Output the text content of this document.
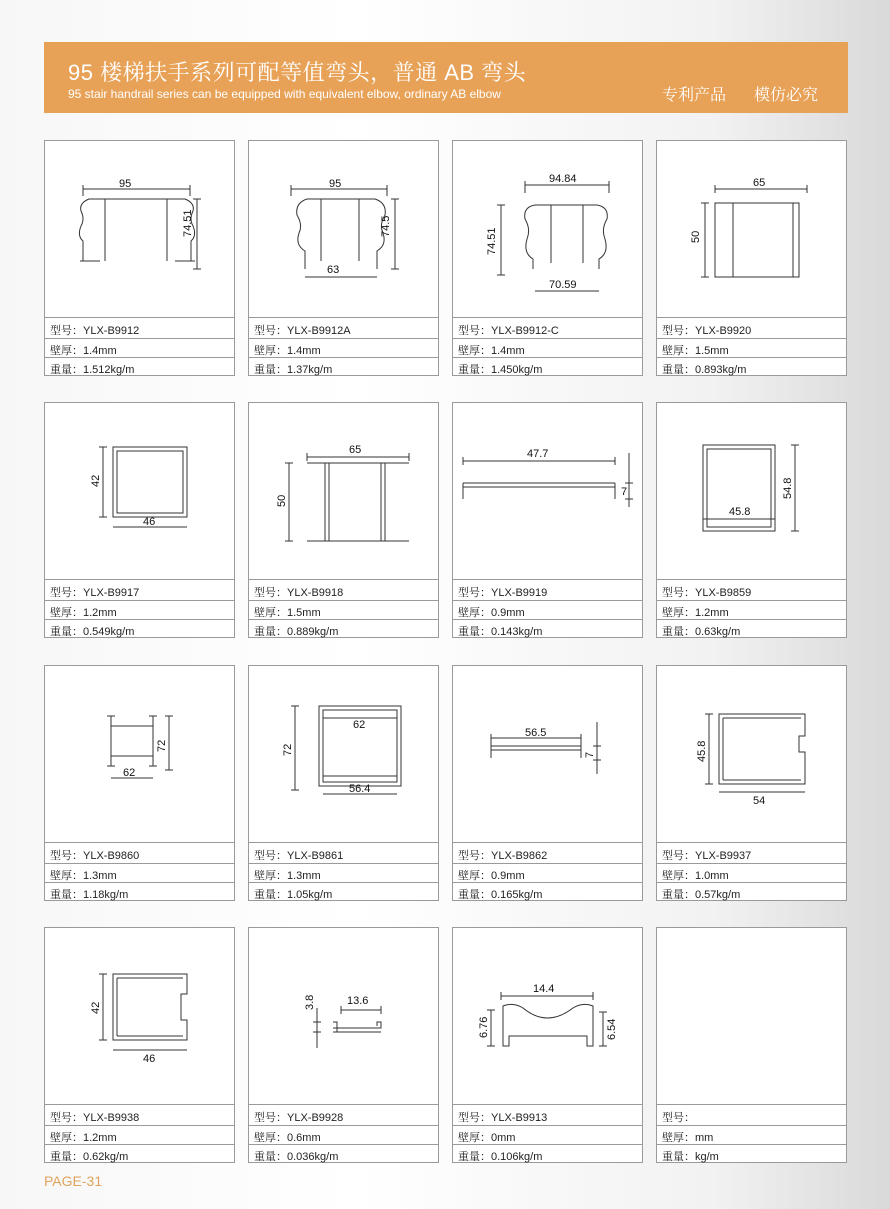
95 楼梯扶手系列可配等值弯头，普通 AB 弯头
95 stair handrail series can be equipped with equivalent elbow, ordinary AB elbow	专利产品 模仿必究
95
74.51
型号：YLX-B9912
壁厚：1.4mm
重量：1.512kg/m
95
74.5
63
型号：YLX-B9912A
壁厚：1.4mm
重量：1.37kg/m
94.84
74.51
70.59
型号：YLX-B9912-C
壁厚：1.4mm
重量：1.450kg/m
65
50
型号：YLX-B9920
壁厚：1.5mm
重量：0.893kg/m
42
46
型号：YLX-B9917
壁厚：1.2mm
重量：0.549kg/m
65
50
型号：YLX-B9918
壁厚：1.5mm
重量：0.889kg/m
47.7
7
型号：YLX-B9919
壁厚：0.9mm
重量：0.143kg/m
54.8
45.8
型号：YLX-B9859
壁厚：1.2mm
重量：0.63kg/m
72
62
型号：YLX-B9860
壁厚：1.3mm
重量：1.18kg/m
62
72
56.4
型号：YLX-B9861
壁厚：1.3mm
重量：1.05kg/m
56.5
7
型号：YLX-B9862
壁厚：0.9mm
重量：0.165kg/m
45.8
54
型号：YLX-B9937
壁厚：1.0mm
重量：0.57kg/m
42
46
型号：YLX-B9938
壁厚：1.2mm
重量：0.62kg/m
13.6
3.8
型号：YLX-B9928
壁厚：0.6mm
重量：0.036kg/m
14.4
6.76	6.54
型号：YLX-B9913
壁厚：0mm
重量：0.106kg/m
型号：
壁厚：mm
重量：kg/m
PAGE-31
